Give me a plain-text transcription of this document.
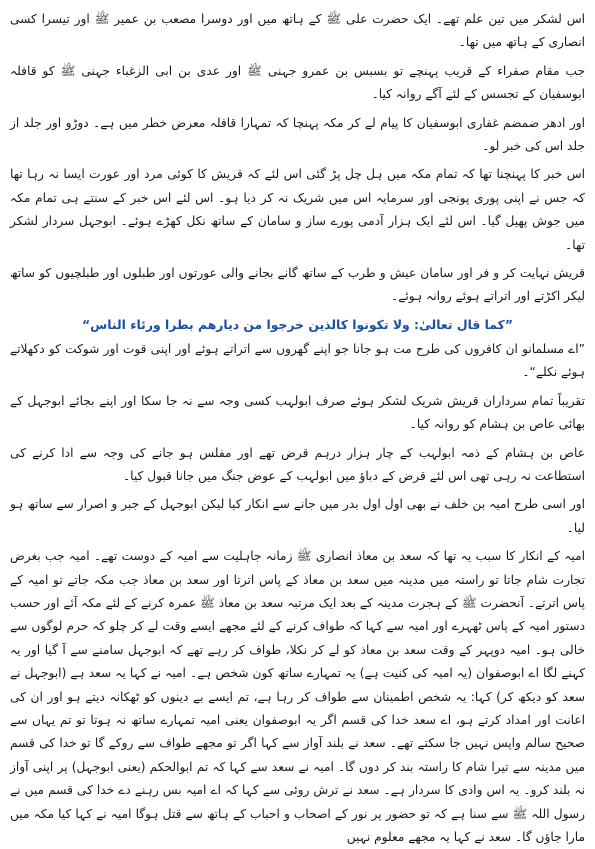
اس لشکر میں تین علم تھے۔ ایک حضرت علی ﷺ کے ہاتھ میں اور دوسرا مصعب بن عمیر ﷺ اور تیسرا کسی انصاری کے ہاتھ میں تھا۔

جب مقام صفراء کے قریب پہنچے تو بسبس بن عمرو جہنی ﷺ اور عدی بن ابی الزغباء جہنی ﷺ کو قافلہ ابوسفیان کے تجسس کے لئے آگے روانہ کیا۔

اور ادھر ضمضم غفاری ابوسفیان کا پیام لے کر مکہ پہنچا کہ تمہارا قافلہ معرض خطر میں ہے۔ دوڑو اور جلد از جلد اس کی خبر لو۔

اس خبر کا پہنچنا تھا کہ تمام مکہ میں ہل چل پڑ گئی اس لئے کہ قریش کا کوئی مرد اور عورت ایسا نہ رہا تھا کہ جس نے اپنی پوری پونجی اور سرمایہ اس میں شریک نہ کر دیا ہو۔ اس لئے اس خبر کے سنتے ہی تمام مکہ میں جوش پھیل گیا۔ اس لئے ایک ہزار آدمی پورے ساز و سامان کے ساتھ نکل کھڑے ہوئے۔ ابوجہل سردار لشکر تھا۔

قریش نہایت کر و فر اور سامان عیش و طرب کے ساتھ گانے بجانے والی عورتوں اور طبلوں اور طبلچیوں کو ساتھ لیکر اکڑتے اور اتراتے ہوئے روانہ ہوئے۔

”کما قال تعالیٰ: ولا تکونوا کالذین خرجوا من دیارھم بطرا ورئاء الناس“

”اے مسلمانو ان کافروں کی طرح مت ہو جانا جو اپنے گھروں سے اتراتے ہوئے اور اپنی قوت اور شوکت کو دکھلاتے ہوئے نکلے“۔

تقریباً تمام سرداران قریش شریک لشکر ہوئے صرف ابولہب کسی وجہ سے نہ جا سکا اور اپنے بجائے ابوجہل کے بھائی عاص بن ہشام کو روانہ کیا۔

عاص بن ہشام کے ذمہ ابولہب کے چار ہزار درہم قرض تھے اور مفلس ہو جانے کی وجہ سے ادا کرنے کی استطاعت نہ رہی تھی اس لئے قرض کے دباؤ میں ابولہب کے عوض جنگ میں جانا قبول کیا۔

اور اسی طرح امیہ بن خلف نے بھی اول اول بدر میں جانے سے انکار کیا لیکن ابوجہل کے جبر و اصرار سے ساتھ ہو لیا۔

امیہ کے انکار کا سبب یہ تھا کہ سعد بن معاذ انصاری ﷺ زمانہ جاہلیت سے امیہ کے دوست تھے۔ امیہ جب بغرض تجارت شام جاتا تو راستہ میں مدینہ میں سعد بن معاذ کے پاس اترتا اور سعد بن معاذ جب مکہ جاتے تو امیہ کے پاس اترتے۔ آنحضرت ﷺ کے ہجرت مدینہ کے بعد ایک مرتبہ سعد بن معاذ ﷺ عمرہ کرنے کے لئے مکہ آئے اور حسب دستور امیہ کے پاس ٹھہرے اور امیہ سے کہا کہ طواف کرنے کے لئے مجھے ایسے وقت لے کر چلو کہ حرم لوگوں سے خالی ہو۔ امیہ دوپہر کے وقت سعد بن معاذ کو لے کر نکلا، طواف کر رہے تھے کہ ابوجہل سامنے سے آ گیا اور یہ کہنے لگا اے ابوصفوان (یہ امیہ کی کنیت ہے) یہ تمہارے ساتھ کون شخص ہے۔ امیہ نے کہا یہ سعد ہے (ابوجہل نے سعد کو دیکھ کر) کہا: یہ شخص اطمینان سے طواف کر رہا ہے، تم ایسے بے دینوں کو ٹھکانہ دیتے ہو اور ان کی اعانت اور امداد کرتے ہو، اے سعد خدا کی قسم اگر یہ ابوصفوان یعنی امیہ تمہارے ساتھ نہ ہوتا تو تم یہاں سے صحیح سالم واپس نہیں جا سکتے تھے۔ سعد نے بلند آواز سے کہا اگر تو مجھے طواف سے روکے گا تو خدا کی قسم میں مدینہ سے تیرا شام کا راستہ بند کر دوں گا۔ امیہ نے سعد سے کہا کہ تم ابوالحکم (یعنی ابوجہل) پر اپنی آواز نہ بلند کرو۔ یہ اس وادی کا سردار ہے۔ سعد نے ترش روئی سے کہا کہ اے امیہ بس رہنے دے خدا کی قسم میں نے رسول اللہ ﷺ سے سنا ہے کہ تو حضور پر نور کے اصحاب و احباب کے ہاتھ سے قتل ہوگا امیہ نے کہا کیا مکہ میں مارا جاؤں گا۔ سعد نے کہا یہ مجھے معلوم نہیں
